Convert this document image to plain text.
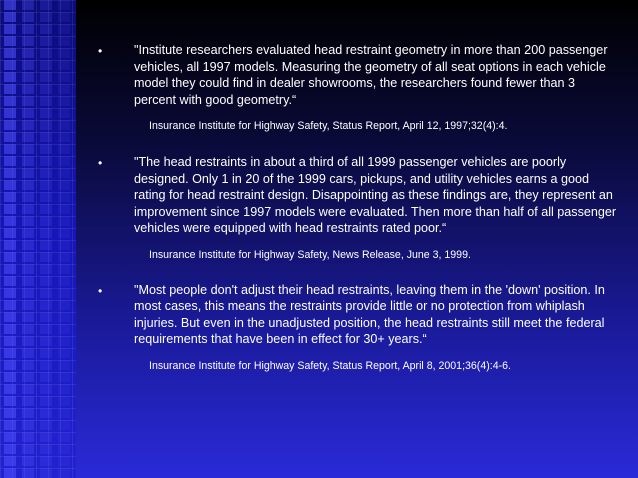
•	"Institute researchers evaluated head restraint geometry in more than 200 passenger vehicles, all 1997 models. Measuring the geometry of all seat options in each vehicle model they could find in dealer showrooms, the researchers found fewer than 3 percent with good geometry.“

Insurance Institute for Highway Safety, Status Report, April 12, 1997;32(4):4.
•	"The head restraints in about a third of all 1999 passenger vehicles are poorly designed. Only 1 in 20 of the 1999 cars, pickups, and utility vehicles earns a good rating for head restraint design. Disappointing as these findings are, they represent an improvement since 1997 models were evaluated. Then more than half of all passenger vehicles were equipped with head restraints rated poor.“

Insurance Institute for Highway Safety, News Release, June 3, 1999.
•	"Most people don't adjust their head restraints, leaving them in the 'down' position. In most cases, this means the restraints provide little or no protection from whiplash injuries. But even in the unadjusted position, the head restraints still meet the federal requirements that have been in effect for 30+ years.“

Insurance Institute for Highway Safety, Status Report, April 8, 2001;36(4):4-6.
